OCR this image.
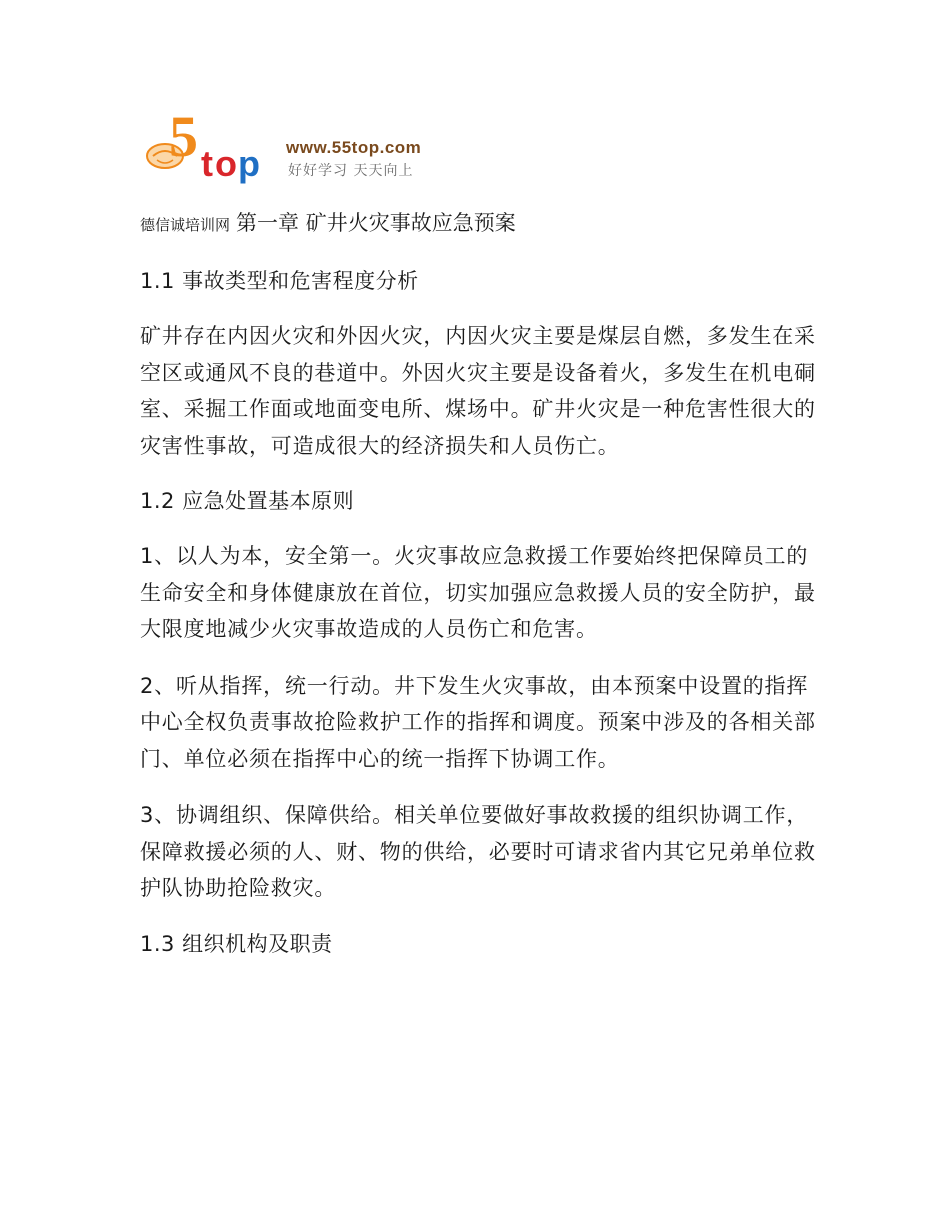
5 t o p www.55top.com
好好学习 天天向上

德信诚培训网 第一章 矿井火灾事故应急预案

1.1 事故类型和危害程度分析

矿井存在内因火灾和外因火灾，内因火灾主要是煤层自燃，多发生在采空区或通风不良的巷道中。外因火灾主要是设备着火，多发生在机电硐室、采掘工作面或地面变电所、煤场中。矿井火灾是一种危害性很大的灾害性事故，可造成很大的经济损失和人员伤亡。

1.2 应急处置基本原则

1、以人为本，安全第一。火灾事故应急救援工作要始终把保障员工的生命安全和身体健康放在首位，切实加强应急救援人员的安全防护，最大限度地减少火灾事故造成的人员伤亡和危害。

2、听从指挥，统一行动。井下发生火灾事故，由本预案中设置的指挥中心全权负责事故抢险救护工作的指挥和调度。预案中涉及的各相关部门、单位必须在指挥中心的统一指挥下协调工作。

3、协调组织、保障供给。相关单位要做好事故救援的组织协调工作，保障救援必须的人、财、物的供给，必要时可请求省内其它兄弟单位救护队协助抢险救灾。

1.3 组织机构及职责
